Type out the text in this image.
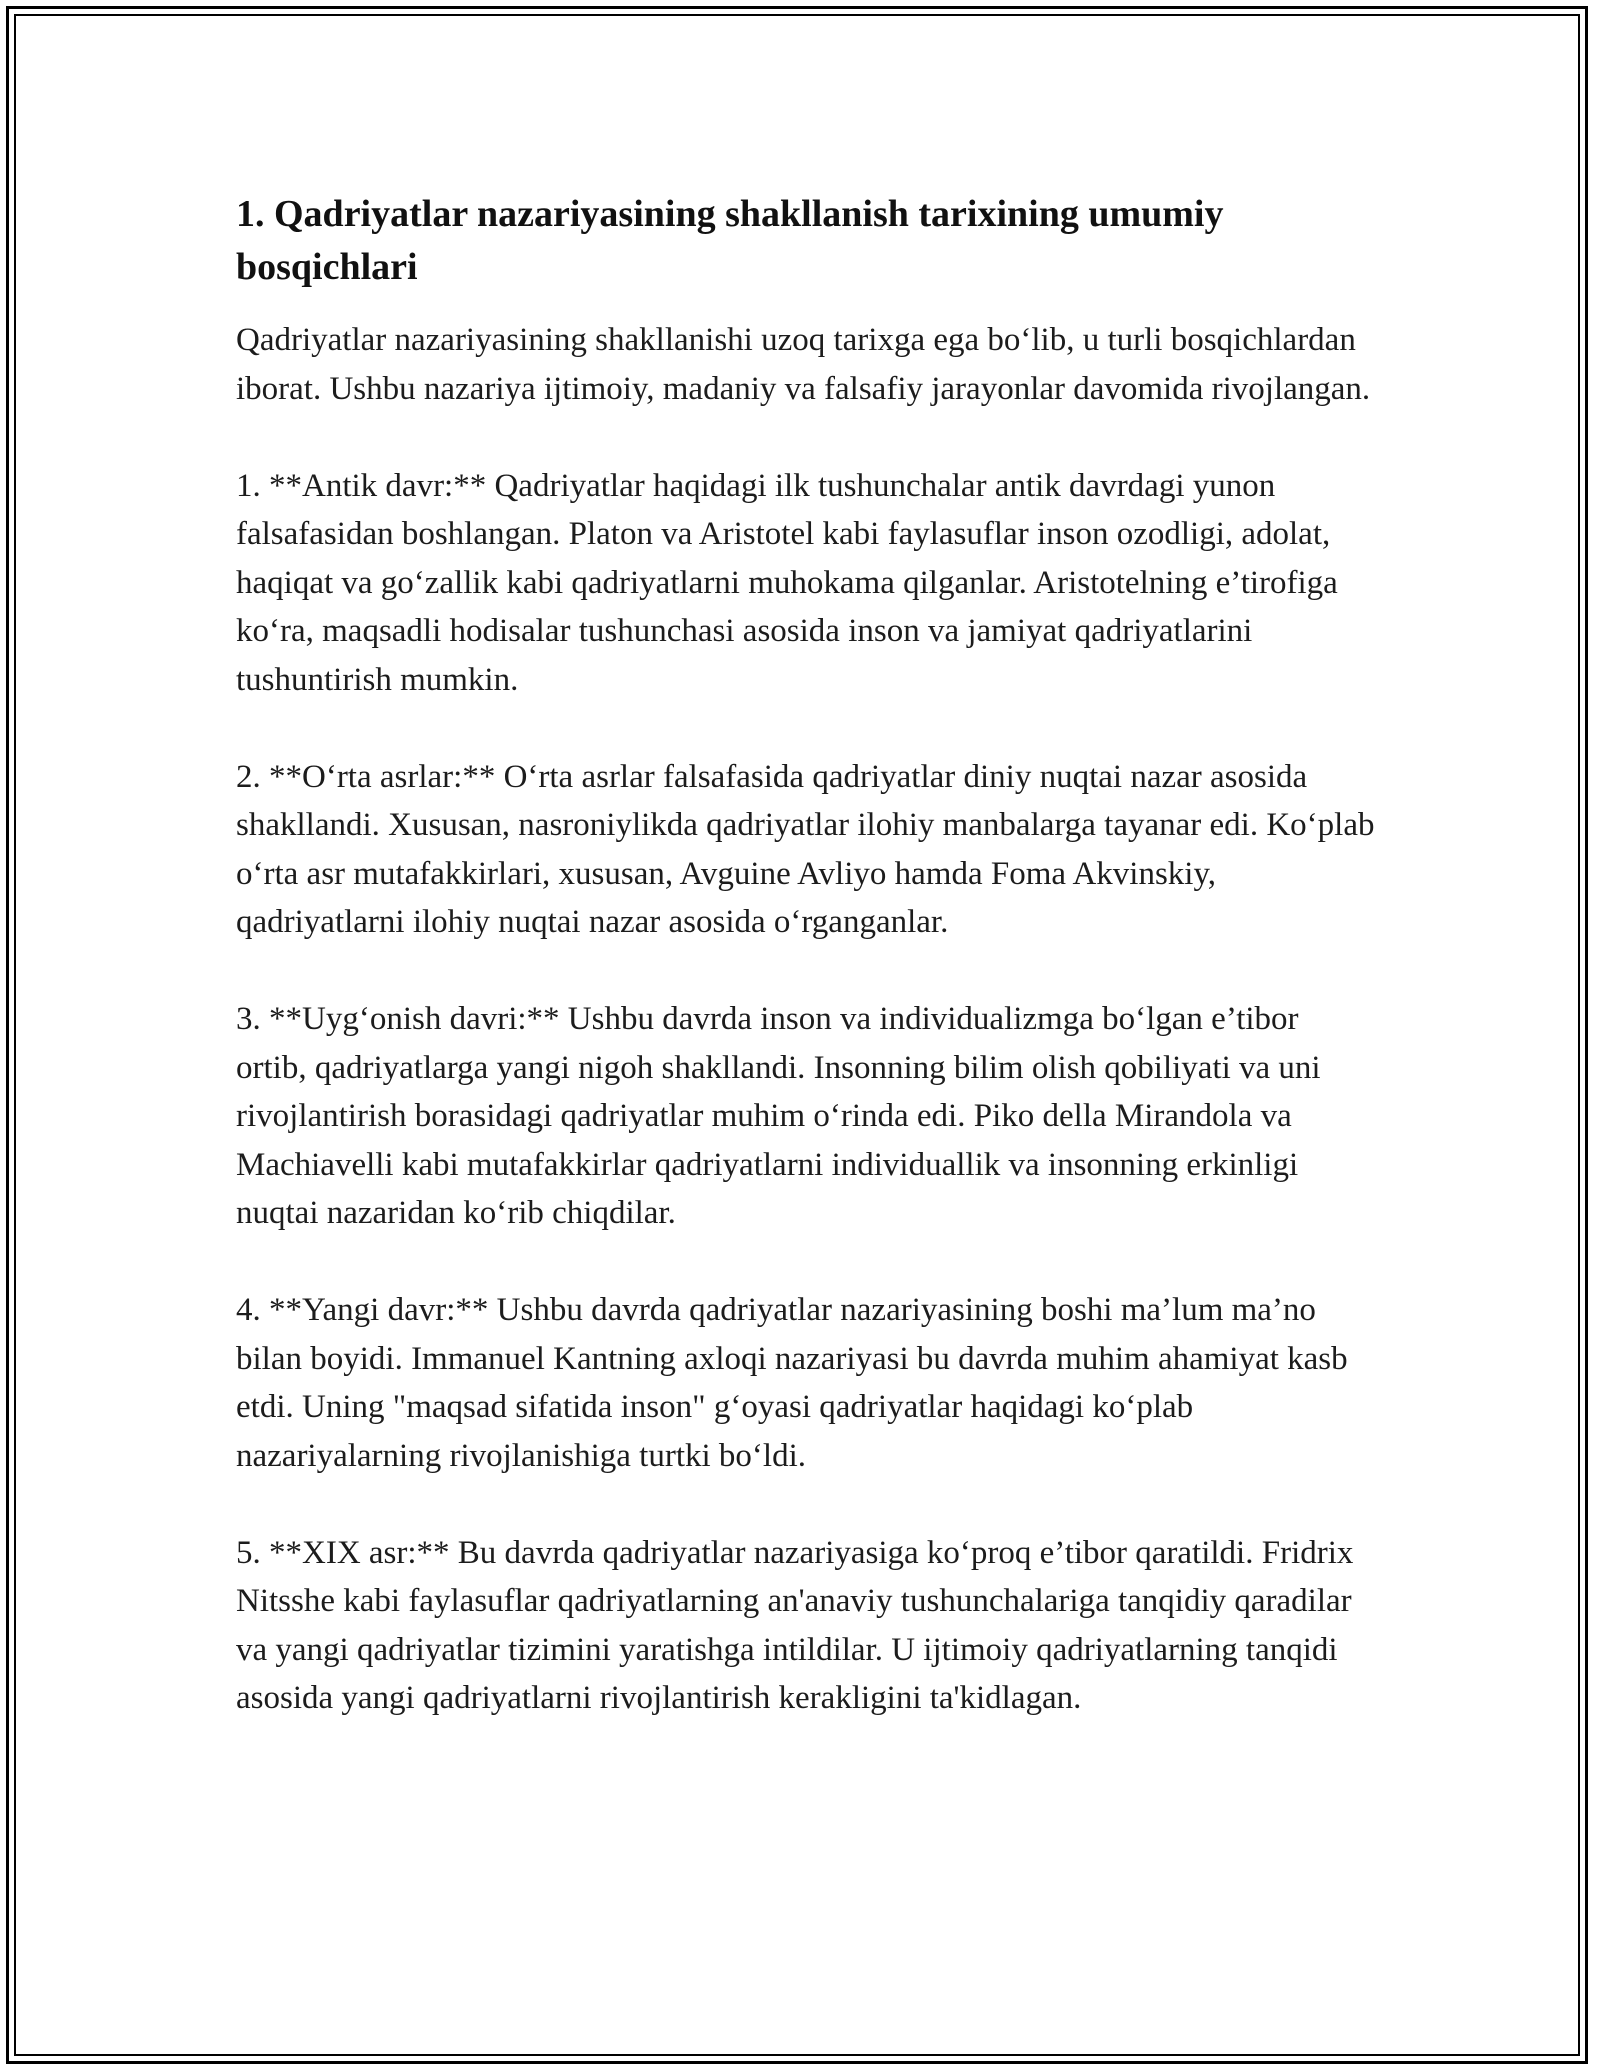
1. Qadriyatlar nazariyasining shakllanish tarixining umumiy bosqichlari

Qadriyatlar nazariyasining shakllanishi uzoq tarixga ega bo‘lib, u turli bosqichlardan iborat. Ushbu nazariya ijtimoiy, madaniy va falsafiy jarayonlar davomida rivojlangan.

1. **Antik davr:** Qadriyatlar haqidagi ilk tushunchalar antik davrdagi yunon falsafasidan boshlangan. Platon va Aristotel kabi faylasuflar inson ozodligi, adolat, haqiqat va go‘zallik kabi qadriyatlarni muhokama qilganlar. Aristotelning e’tirofiga ko‘ra, maqsadli hodisalar tushunchasi asosida inson va jamiyat qadriyatlarini tushuntirish mumkin.

2. **O‘rta asrlar:** O‘rta asrlar falsafasida qadriyatlar diniy nuqtai nazar asosida shakllandi. Xususan, nasroniylikda qadriyatlar ilohiy manbalarga tayanar edi. Ko‘plab o‘rta asr mutafakkirlari, xususan, Avguine Avliyo hamda Foma Akvinskiy, qadriyatlarni ilohiy nuqtai nazar asosida o‘rganganlar.

3. **Uyg‘onish davri:** Ushbu davrda inson va individualizmga bo‘lgan e’tibor ortib, qadriyatlarga yangi nigoh shakllandi. Insonning bilim olish qobiliyati va uni rivojlantirish borasidagi qadriyatlar muhim o‘rinda edi. Piko della Mirandola va Machiavelli kabi mutafakkirlar qadriyatlarni individuallik va insonning erkinligi nuqtai nazaridan ko‘rib chiqdilar.

4. **Yangi davr:** Ushbu davrda qadriyatlar nazariyasining boshi ma’lum ma’no bilan boyidi. Immanuel Kantning axloqi nazariyasi bu davrda muhim ahamiyat kasb etdi. Uning "maqsad sifatida inson" g‘oyasi qadriyatlar haqidagi ko‘plab nazariyalarning rivojlanishiga turtki bo‘ldi.

5. **XIX asr:** Bu davrda qadriyatlar nazariyasiga ko‘proq e’tibor qaratildi. Fridrix Nitsshe kabi faylasuflar qadriyatlarning an'anaviy tushunchalariga tanqidiy qaradilar va yangi qadriyatlar tizimini yaratishga intildilar. U ijtimoiy qadriyatlarning tanqidi asosida yangi qadriyatlarni rivojlantirish kerakligini ta'kidlagan.
